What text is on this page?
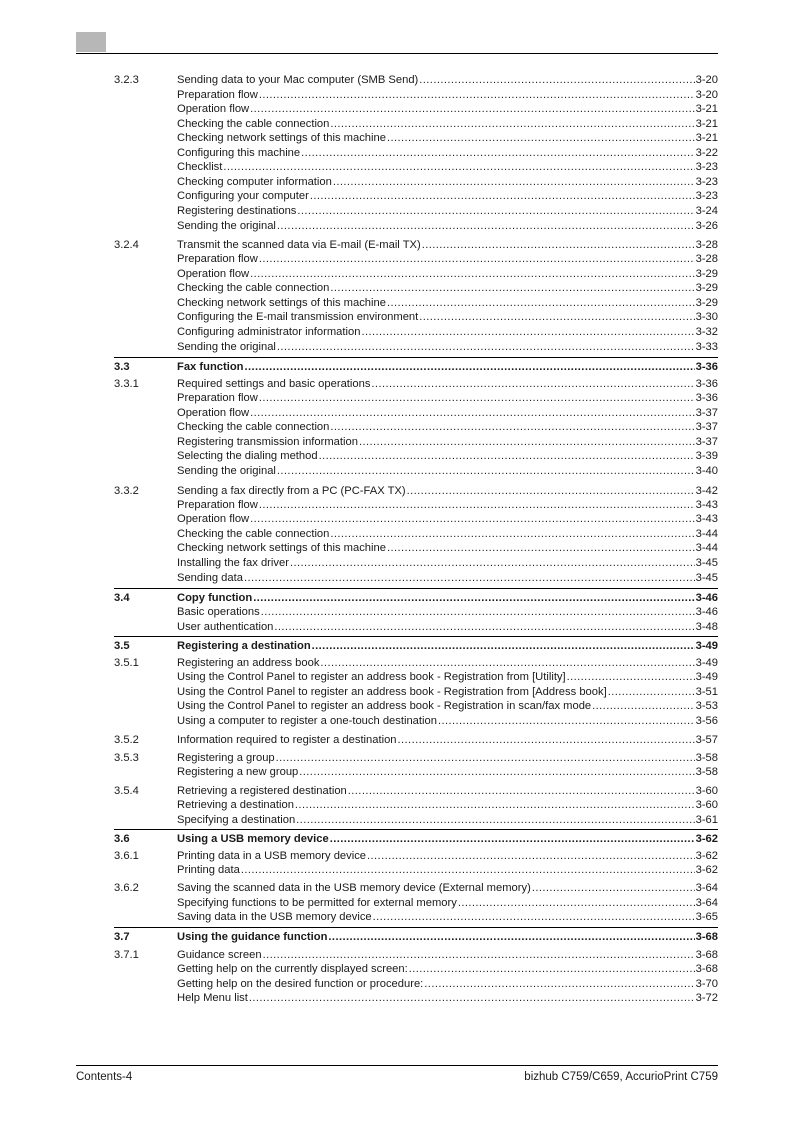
3.2.3	Sending data to your Mac computer (SMB Send) .....	3-20
Preparation flow .....	3-20
Operation flow .....	3-21
Checking the cable connection .....	3-21
Checking network settings of this machine .....	3-21
Configuring this machine .....	3-22
Checklist .....	3-23
Checking computer information .....	3-23
Configuring your computer .....	3-23
Registering destinations .....	3-24
Sending the original .....	3-26
3.2.4	Transmit the scanned data via E-mail (E-mail TX) .....	3-28
Preparation flow .....	3-28
Operation flow .....	3-29
Checking the cable connection .....	3-29
Checking network settings of this machine .....	3-29
Configuring the E-mail transmission environment .....	3-30
Configuring administrator information .....	3-32
Sending the original .....	3-33
3.3	Fax function .....	3-36
3.3.1	Required settings and basic operations .....	3-36
Preparation flow .....	3-36
Operation flow .....	3-37
Checking the cable connection .....	3-37
Registering transmission information .....	3-37
Selecting the dialing method .....	3-39
Sending the original .....	3-40
3.3.2	Sending a fax directly from a PC (PC-FAX TX) .....	3-42
Preparation flow .....	3-43
Operation flow .....	3-43
Checking the cable connection .....	3-44
Checking network settings of this machine .....	3-44
Installing the fax driver .....	3-45
Sending data .....	3-45
3.4	Copy function .....	3-46
Basic operations .....	3-46
User authentication .....	3-48
3.5	Registering a destination .....	3-49
3.5.1	Registering an address book .....	3-49
Using the Control Panel to register an address book - Registration from [Utility] .....	3-49
Using the Control Panel to register an address book - Registration from [Address book] .....	3-51
Using the Control Panel to register an address book - Registration in scan/fax mode .....	3-53
Using a computer to register a one-touch destination .....	3-56
3.5.2	Information required to register a destination .....	3-57
3.5.3	Registering a group .....	3-58
Registering a new group .....	3-58
3.5.4	Retrieving a registered destination .....	3-60
Retrieving a destination .....	3-60
Specifying a destination .....	3-61
3.6	Using a USB memory device .....	3-62
3.6.1	Printing data in a USB memory device .....	3-62
Printing data .....	3-62
3.6.2	Saving the scanned data in the USB memory device (External memory) .....	3-64
Specifying functions to be permitted for external memory .....	3-64
Saving data in the USB memory device .....	3-65
3.7	Using the guidance function .....	3-68
3.7.1	Guidance screen .....	3-68
Getting help on the currently displayed screen: .....	3-68
Getting help on the desired function or procedure: .....	3-70
Help Menu list .....	3-72
Contents-4	bizhub C759/C659, AccurioPrint C759
